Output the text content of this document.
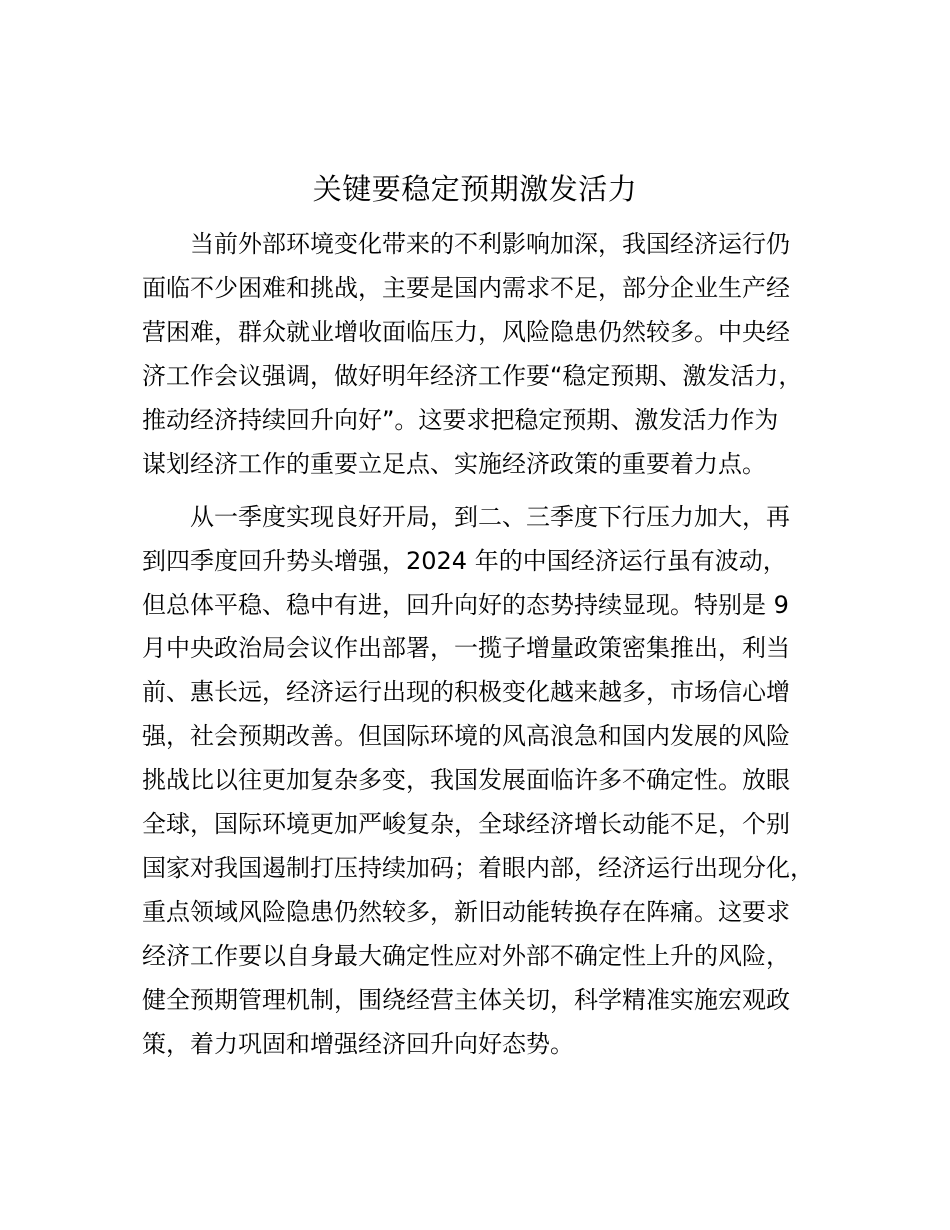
关键要稳定预期激发活力

当前外部环境变化带来的不利影响加深，我国经济运行仍

面临不少困难和挑战，主要是国内需求不足，部分企业生产经

营困难，群众就业增收面临压力，风险隐患仍然较多。中央经

济工作会议强调，做好明年经济工作要“稳定预期、激发活力，

推动经济持续回升向好”。这要求把稳定预期、激发活力作为

谋划经济工作的重要立足点、实施经济政策的重要着力点。

从一季度实现良好开局，到二、三季度下行压力加大，再

到四季度回升势头增强，2024 年的中国经济运行虽有波动，

但总体平稳、稳中有进，回升向好的态势持续显现。特别是 9

月中央政治局会议作出部署，一揽子增量政策密集推出，利当

前、惠长远，经济运行出现的积极变化越来越多，市场信心增

强，社会预期改善。但国际环境的风高浪急和国内发展的风险

挑战比以往更加复杂多变，我国发展面临许多不确定性。放眼

全球，国际环境更加严峻复杂，全球经济增长动能不足，个别

国家对我国遏制打压持续加码；着眼内部，经济运行出现分化，

重点领域风险隐患仍然较多，新旧动能转换存在阵痛。这要求

经济工作要以自身最大确定性应对外部不确定性上升的风险，

健全预期管理机制，围绕经营主体关切，科学精准实施宏观政

策，着力巩固和增强经济回升向好态势。
